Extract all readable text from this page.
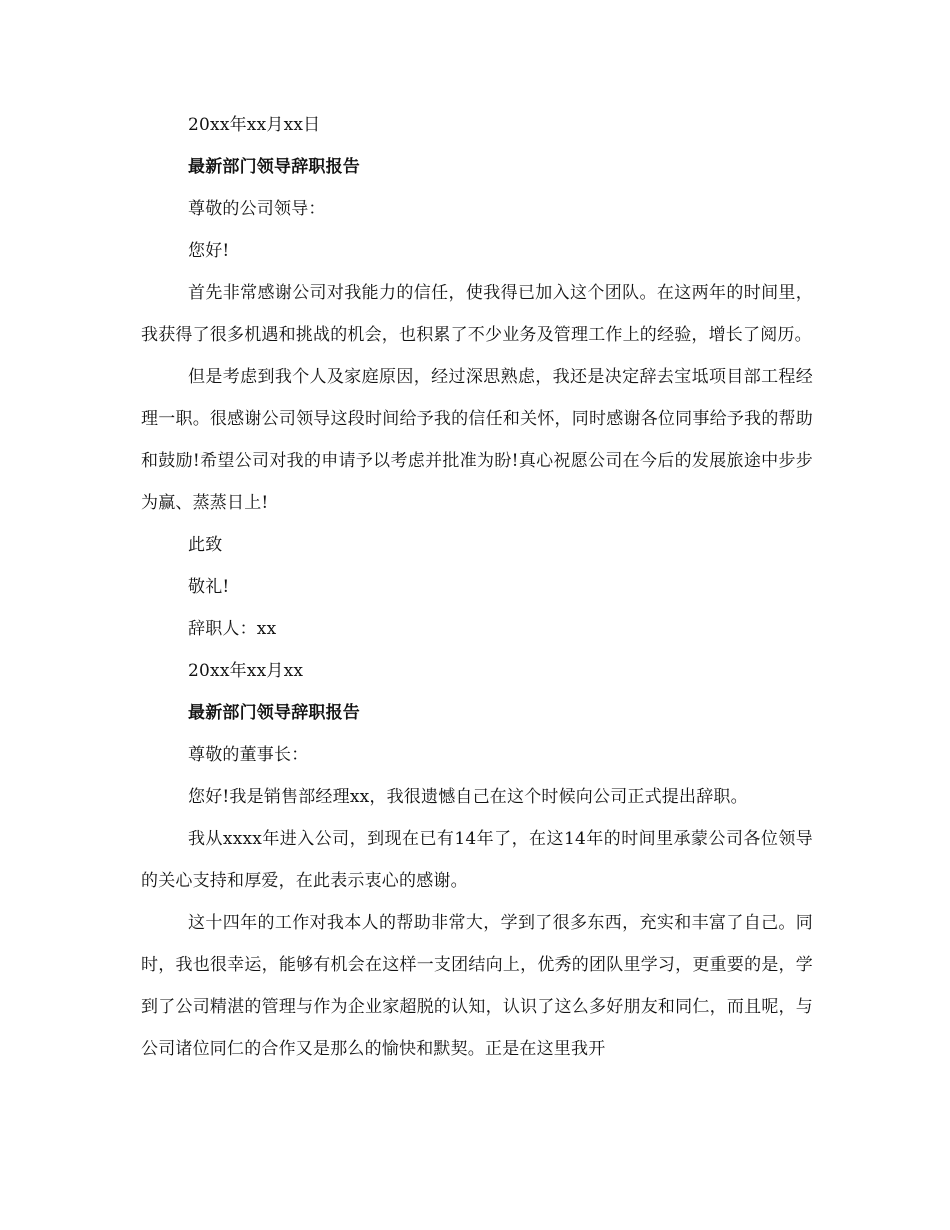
20xx年xx月xx日

最新部门领导辞职报告

尊敬的公司领导：

您好!

首先非常感谢公司对我能力的信任，使我得已加入这个团队。在这两年的时间里，我获得了很多机遇和挑战的机会，也积累了不少业务及管理工作上的经验，增长了阅历。

但是考虑到我个人及家庭原因，经过深思熟虑，我还是决定辞去宝坻项目部工程经理一职。很感谢公司领导这段时间给予我的信任和关怀，同时感谢各位同事给予我的帮助和鼓励!希望公司对我的申请予以考虑并批准为盼!真心祝愿公司在今后的发展旅途中步步为赢、蒸蒸日上!

此致

敬礼!

辞职人：xx

20xx年xx月xx

最新部门领导辞职报告

尊敬的董事长：

您好!我是销售部经理xx，我很遗憾自己在这个时候向公司正式提出辞职。

我从xxxx年进入公司，到现在已有14年了，在这14年的时间里承蒙公司各位领导的关心支持和厚爱，在此表示衷心的感谢。

这十四年的工作对我本人的帮助非常大，学到了很多东西，充实和丰富了自己。同时，我也很幸运，能够有机会在这样一支团结向上，优秀的团队里学习，更重要的是，学到了公司精湛的管理与作为企业家超脱的认知，认识了这么多好朋友和同仁，而且呢，与公司诸位同仁的合作又是那么的愉快和默契。正是在这里我开
